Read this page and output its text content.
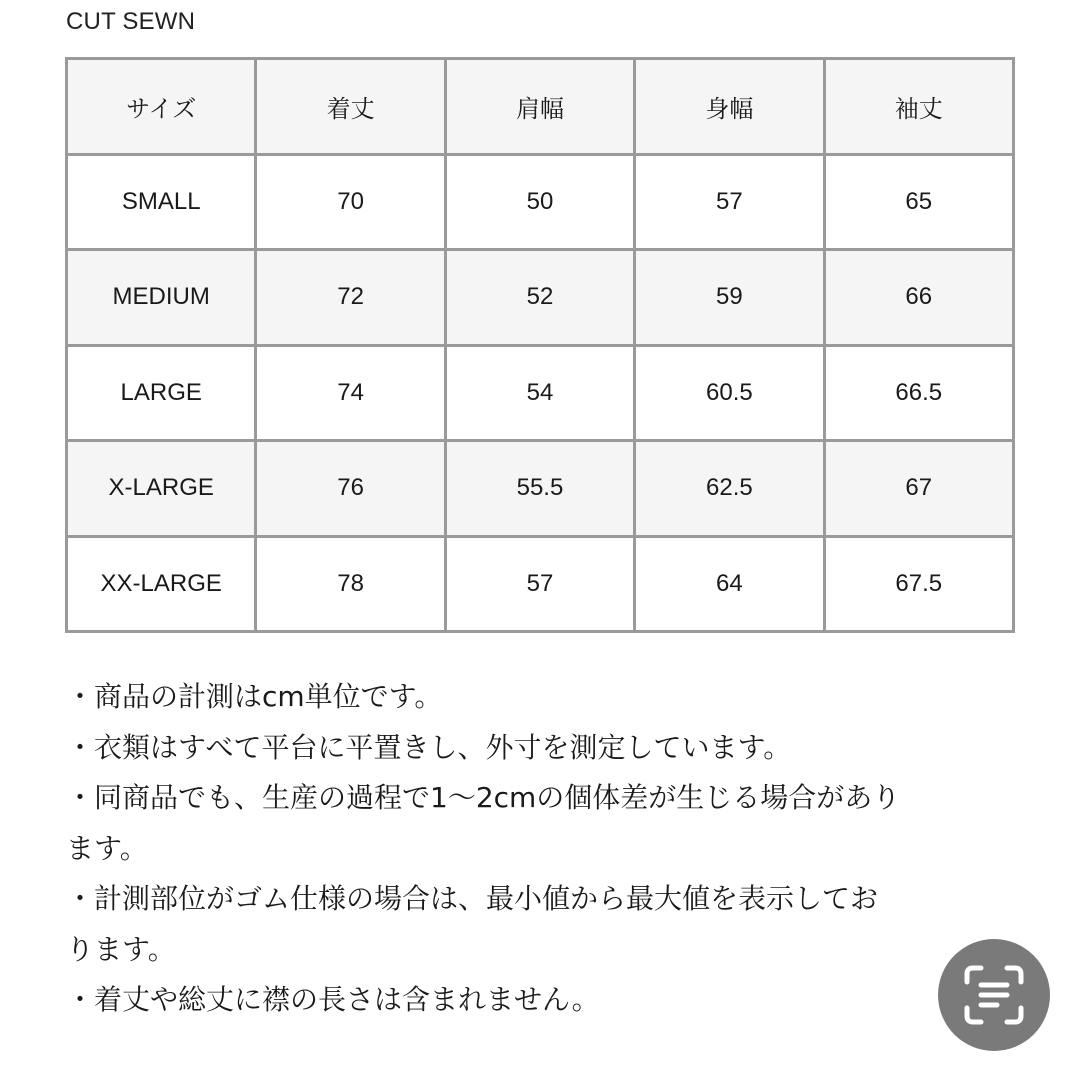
CUT SEWN
サイズ	着丈	肩幅	身幅	袖丈
SMALL	70	50	57	65
MEDIUM	72	52	59	66
LARGE	74	54	60.5	66.5
X-LARGE	76	55.5	62.5	67
XX-LARGE	78	57	64	67.5

・商品の計測はcm単位です。

・衣類はすべて平台に平置きし、外寸を測定しています。

・同商品でも、生産の過程で1〜2cmの個体差が生じる場合があり

ます。

・計測部位がゴム仕様の場合は、最小値から最大値を表示してお

ります。

・着丈や総丈に襟の長さは含まれません。
